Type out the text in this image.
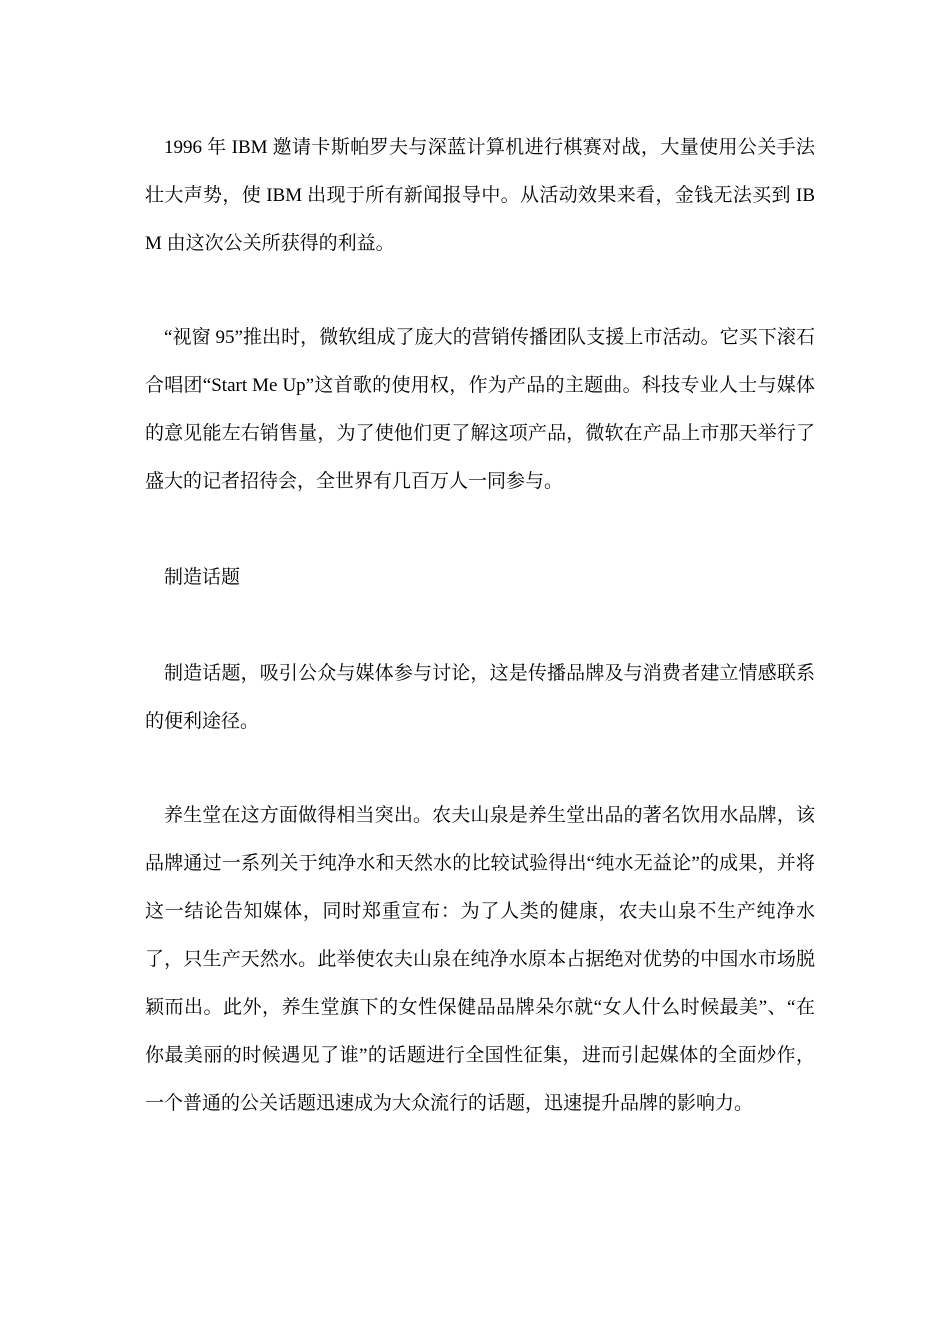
1996 年 IBM 邀请卡斯帕罗夫与深蓝计算机进行棋赛对战，大量使用公关手法壮大声势，使 IBM 出现于所有新闻报导中。从活动效果来看，金钱无法买到 IBM 由这次公关所获得的利益。

“视窗 95”推出时，微软组成了庞大的营销传播团队支援上市活动。它买下滚石合唱团“Start Me Up”这首歌的使用权，作为产品的主题曲。科技专业人士与媒体的意见能左右销售量，为了使他们更了解这项产品，微软在产品上市那天举行了盛大的记者招待会，全世界有几百万人一同参与。

制造话题

制造话题，吸引公众与媒体参与讨论，这是传播品牌及与消费者建立情感联系的便利途径。

养生堂在这方面做得相当突出。农夫山泉是养生堂出品的著名饮用水品牌，该品牌通过一系列关于纯净水和天然水的比较试验得出“纯水无益论”的成果，并将这一结论告知媒体，同时郑重宣布：为了人类的健康，农夫山泉不生产纯净水了，只生产天然水。此举使农夫山泉在纯净水原本占据绝对优势的中国水市场脱颖而出。此外，养生堂旗下的女性保健品品牌朵尔就“女人什么时候最美”、“在你最美丽的时候遇见了谁”的话题进行全国性征集，进而引起媒体的全面炒作， 一个普通的公关话题迅速成为大众流行的话题，迅速提升品牌的影响力。
